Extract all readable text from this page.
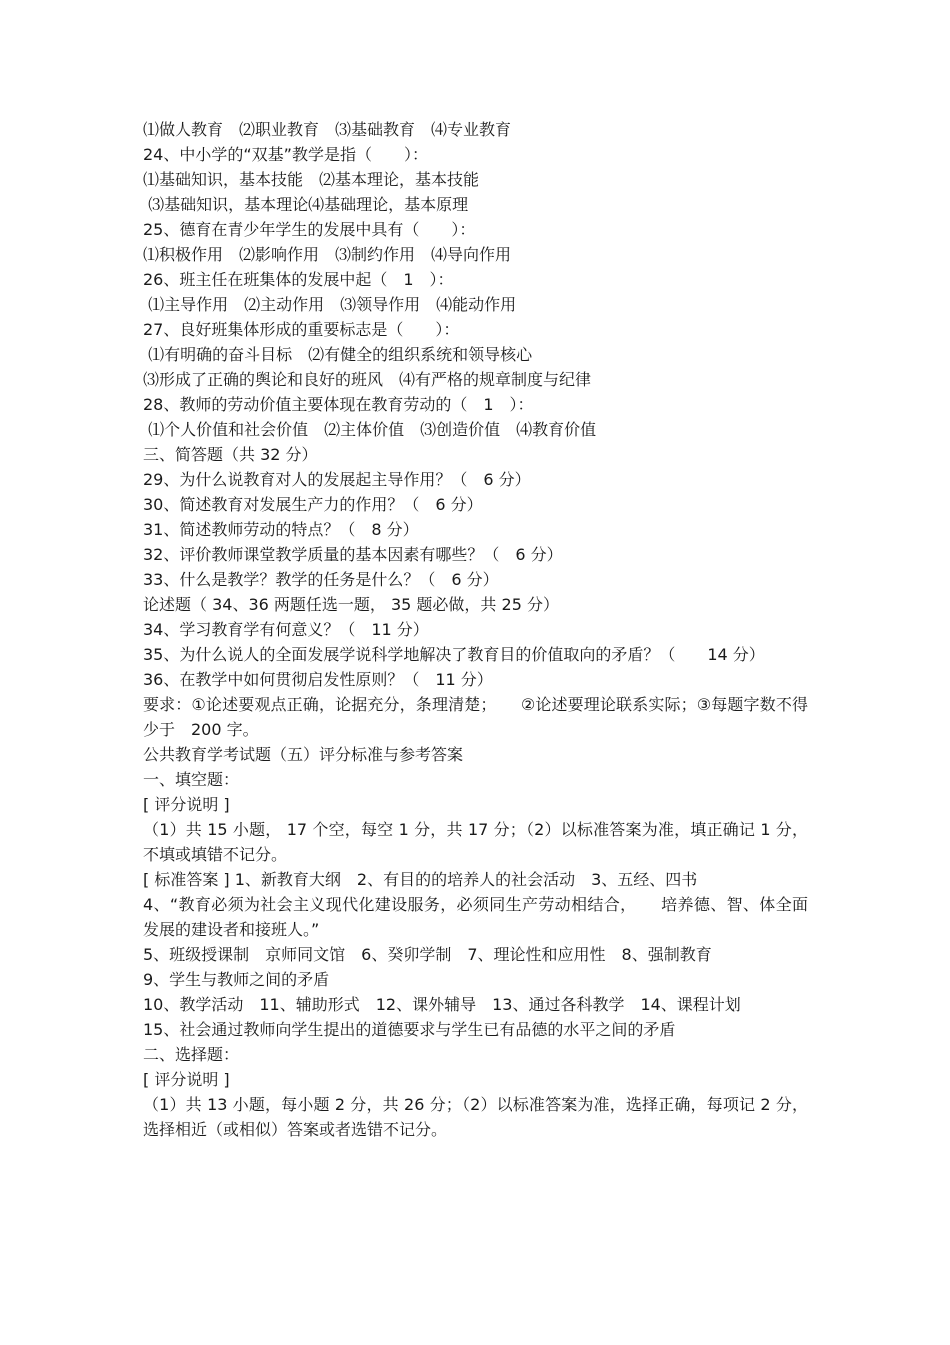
⑴做人教育　⑵职业教育　⑶基础教育　⑷专业教育
24、中小学的“双基”教学是指（　　）：
⑴基础知识，基本技能　⑵基本理论，基本技能
⑶基础知识，基本理论⑷基础理论，基本原理
25、德育在青少年学生的发展中具有（　　）：
⑴积极作用　⑵影响作用　⑶制约作用　⑷导向作用
26、班主任在班集体的发展中起（　1　）：
⑴主导作用　⑵主动作用　⑶领导作用　⑷能动作用
27、良好班集体形成的重要标志是（　　）：
⑴有明确的奋斗目标　⑵有健全的组织系统和领导核心
⑶形成了正确的舆论和良好的班风　⑷有严格的规章制度与纪律
28、教师的劳动价值主要体现在教育劳动的（　1　）：
⑴个人价值和社会价值　⑵主体价值　⑶创造价值　⑷教育价值
三、简答题（共 32 分）
29、为什么说教育对人的发展起主导作用？（　6 分）
30、简述教育对发展生产力的作用？（　6 分）
31、简述教师劳动的特点？（　8 分）
32、评价教师课堂教学质量的基本因素有哪些？（　6 分）
33、什么是教学？教学的任务是什么？（　6 分）
论述题（ 34、36 两题任选一题， 35 题必做，共 25 分）
34、学习教育学有何意义？（　11 分）
35、为什么说人的全面发展学说科学地解决了教育目的价值取向的矛盾？（　　14 分）
36、在教学中如何贯彻启发性原则？（　11 分）
要求：①论述要观点正确，论据充分，条理清楚；　　②论述要理论联系实际；③每题字数不得少于　200 字。
公共教育学考试题（五）评分标准与参考答案
一、填空题：
[ 评分说明 ]
（1）共 15 小题， 17 个空，每空 1 分，共 17 分；（2）以标准答案为准，填正确记 1 分，不填或填错不记分。
[ 标准答案 ] 1、新教育大纲　2、有目的的培养人的社会活动　3、五经、四书
4、“教育必须为社会主义现代化建设服务，必须同生产劳动相结合，　　培养德、智、体全面发展的建设者和接班人。”
5、班级授课制　京师同文馆　6、癸卯学制　7、理论性和应用性　8、强制教育
9、学生与教师之间的矛盾
10、教学活动　11、辅助形式　12、课外辅导　13、通过各科教学　14、课程计划
15、社会通过教师向学生提出的道德要求与学生已有品德的水平之间的矛盾
二、选择题：
[ 评分说明 ]
（1）共 13 小题，每小题 2 分，共 26 分；（2）以标准答案为准，选择正确，每项记 2 分，选择相近（或相似）答案或者选错不记分。
